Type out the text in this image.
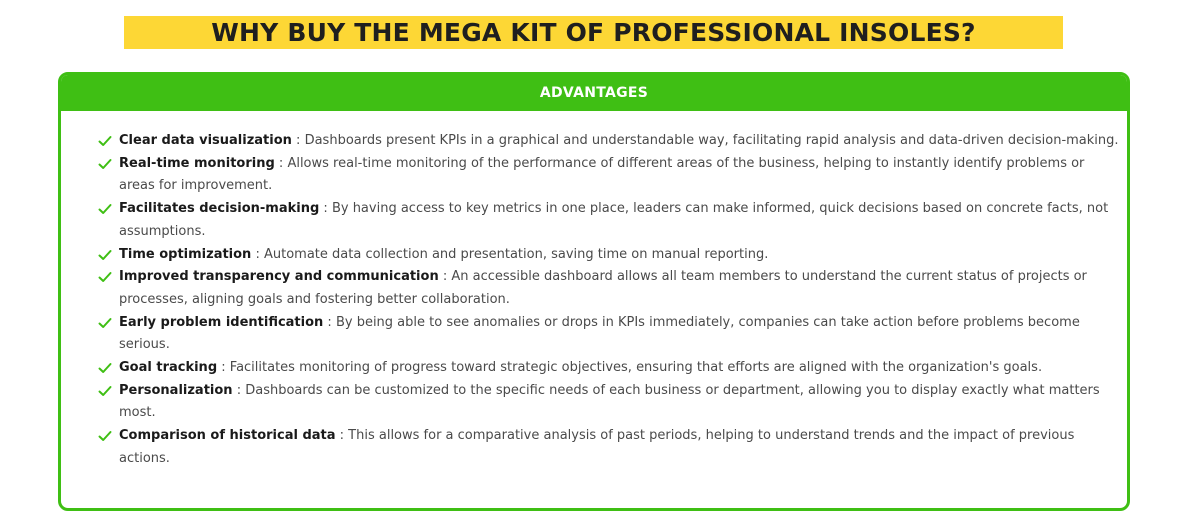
WHY BUY THE MEGA KIT OF PROFESSIONAL INSOLES?
ADVANTAGES
Clear data visualization : Dashboards present KPIs in a graphical and understandable way, facilitating rapid analysis and data-driven decision-making.
Real-time monitoring : Allows real-time monitoring of the performance of different areas of the business, helping to instantly identify problems or areas for improvement.
Facilitates decision-making : By having access to key metrics in one place, leaders can make informed, quick decisions based on concrete facts, not assumptions.
Time optimization : Automate data collection and presentation, saving time on manual reporting.
Improved transparency and communication : An accessible dashboard allows all team members to understand the current status of projects or processes, aligning goals and fostering better collaboration.
Early problem identification : By being able to see anomalies or drops in KPIs immediately, companies can take action before problems become serious.
Goal tracking : Facilitates monitoring of progress toward strategic objectives, ensuring that efforts are aligned with the organization's goals.
Personalization : Dashboards can be customized to the specific needs of each business or department, allowing you to display exactly what matters most.
Comparison of historical data : This allows for a comparative analysis of past periods, helping to understand trends and the impact of previous actions.
